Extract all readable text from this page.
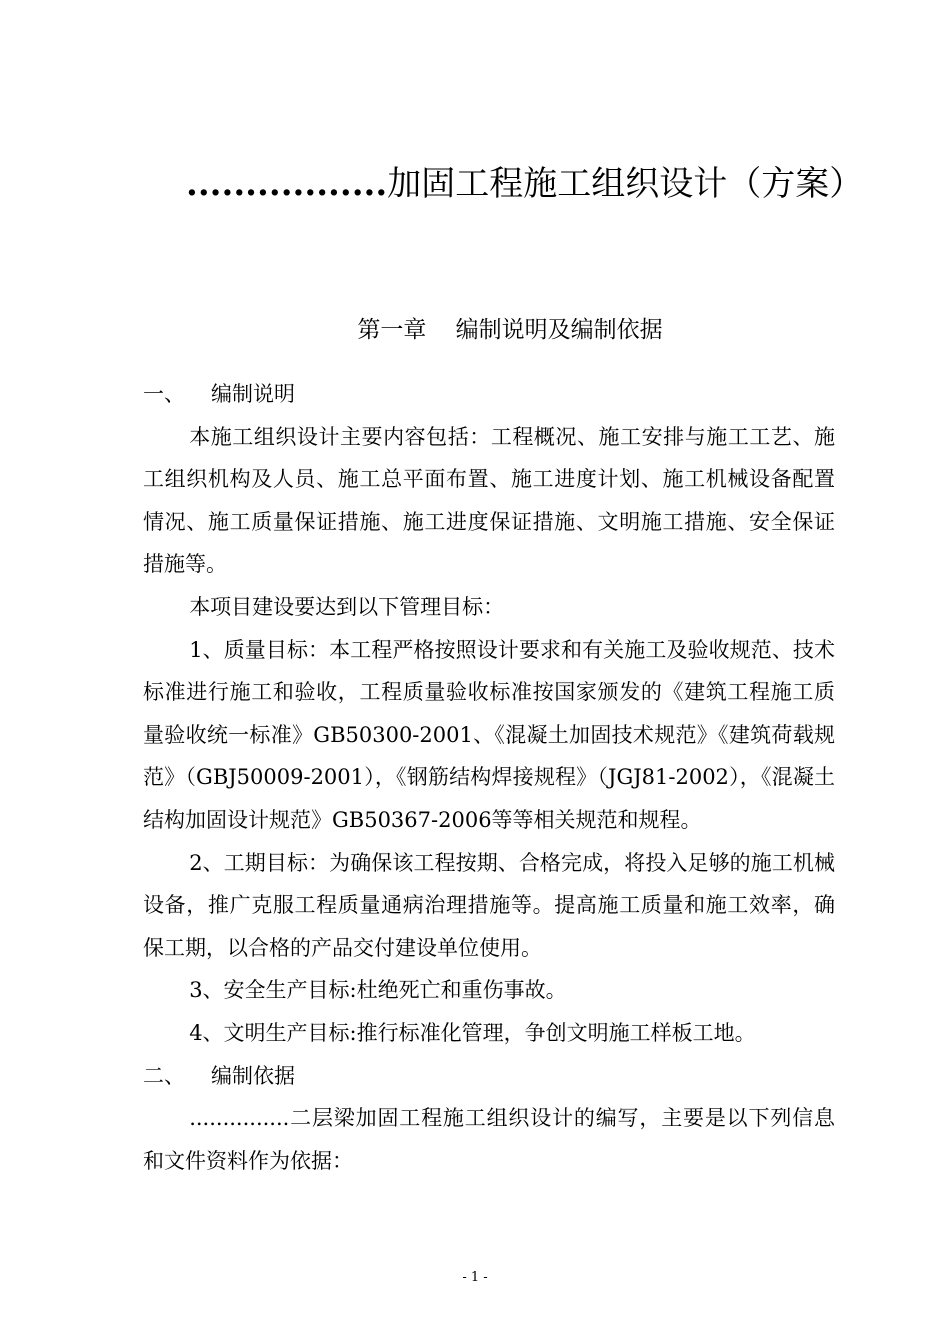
.................加固工程施工组织设计（方案）
第一章    编制说明及编制依据
一、	编制说明

本施工组织设计主要内容包括：工程概况、施工安排与施工工艺、施工组织机构及人员、施工总平面布置、施工进度计划、施工机械设备配置情况、施工质量保证措施、施工进度保证措施、文明施工措施、安全保证措施等。

本项目建设要达到以下管理目标：

1、质量目标：本工程严格按照设计要求和有关施工及验收规范、技术标准进行施工和验收，工程质量验收标准按国家颁发的《建筑工程施工质量验收统一标准》GB50300-2001、《混凝土加固技术规范》《建筑荷载规范》（GBJ50009-2001），《钢筋结构焊接规程》（JGJ81-2002），《混凝土结构加固设计规范》GB50367-2006等等相关规范和规程。

2、工期目标：为确保该工程按期、合格完成，将投入足够的施工机械设备，推广克服工程质量通病治理措施等。提高施工质量和施工效率，确保工期，以合格的产品交付建设单位使用。

3、安全生产目标:杜绝死亡和重伤事故。

4、文明生产目标:推行标准化管理，争创文明施工样板工地。

二、	编制依据

...............二层梁加固工程施工组织设计的编写，主要是以下列信息和文件资料作为依据：

- 1 -
